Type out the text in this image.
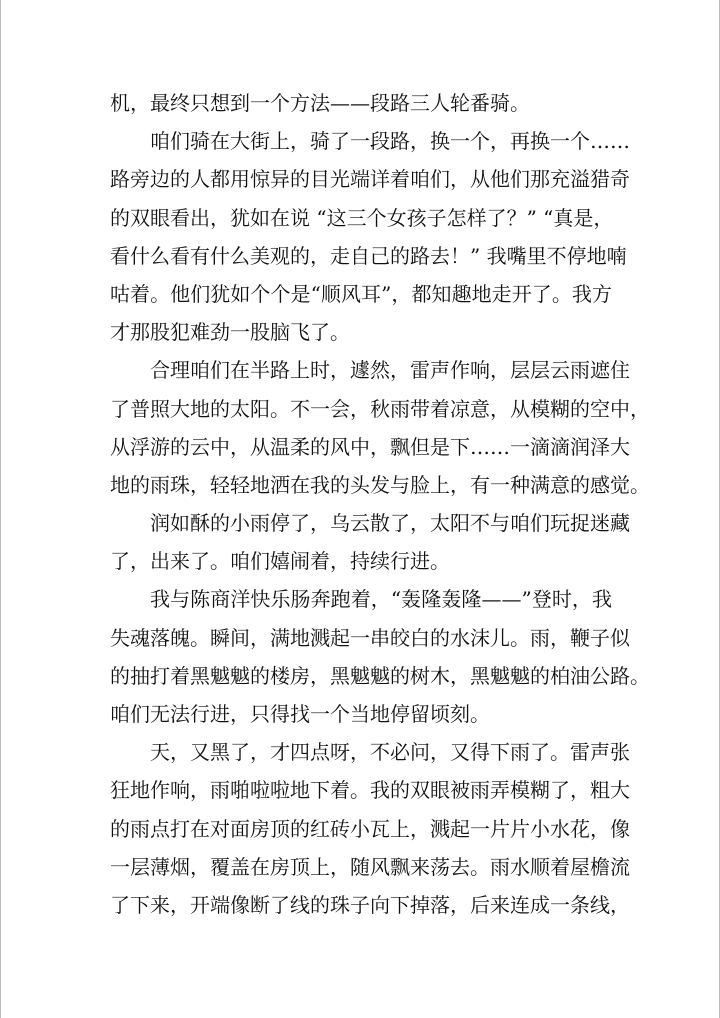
机，最终只想到一个方法——段路三人轮番骑。
咱们骑在大街上，骑了一段路，换一个，再换一个……
路旁边的人都用惊异的目光端详着咱们，从他们那充溢猎奇
的双眼看出，犹如在说 “这三个女孩子怎样了？” “真是，
看什么看有什么美观的，走自己的路去！” 我嘴里不停地喃
咕着。他们犹如个个是“顺风耳”，都知趣地走开了。我方
才那股犯难劲一股脑飞了。
合理咱们在半路上时，遽然，雷声作响，层层云雨遮住
了普照大地的太阳。不一会，秋雨带着凉意，从模糊的空中，
从浮游的云中，从温柔的风中，飘但是下……一滴滴润泽大
地的雨珠，轻轻地洒在我的头发与脸上，有一种满意的感觉。
润如酥的小雨停了，乌云散了，太阳不与咱们玩捉迷藏
了，出来了。咱们嬉闹着，持续行进。
我与陈商洋快乐肠奔跑着，“轰隆轰隆——”登时，我
失魂落魄。瞬间，满地溅起一串皎白的水沫儿。雨，鞭子似
的抽打着黑魆魆的楼房，黑魆魆的树木，黑魆魆的柏油公路。
咱们无法行进，只得找一个当地停留顷刻。
天，又黑了，才四点呀，不必问，又得下雨了。雷声张
狂地作响，雨啪啦啦地下着。我的双眼被雨弄模糊了，粗大
的雨点打在对面房顶的红砖小瓦上，溅起一片片小水花，像
一层薄烟，覆盖在房顶上，随风飘来荡去。雨水顺着屋檐流
了下来，开端像断了线的珠子向下掉落，后来连成一条线，
